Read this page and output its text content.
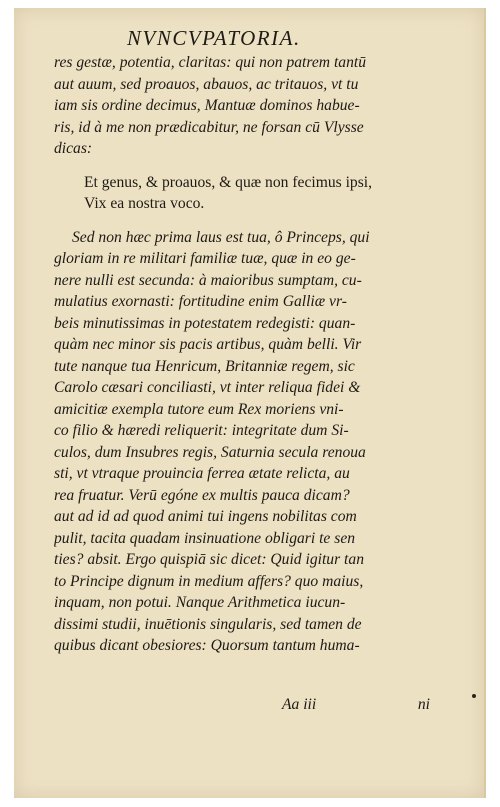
NVNCVPATORIA.
res gestæ, potentia, claritas: qui non patrem tantū
aut auum, sed proauos, abauos, ac tritauos, vt tu
iam sis ordine decimus, Mantuæ dominos habue-
ris, id à me non prædicabitur, ne forsan cū Vlysse
dicas:
Et genus, & proauos, & quæ non fecimus ipsi,
Vix ea nostra voco.
Sed non hæc prima laus est tua, ô Princeps, qui
gloriam in re militari familiæ tuæ, quæ in eo ge-
nere nulli est secunda: à maioribus sumptam, cu-
mulatius exornasti: fortitudine enim Galliæ vr-
beis minutissimas in potestatem redegisti: quan-
quàm nec minor sis pacis artibus, quàm belli. Vir
tute nanque tua Henricum, Britanniæ regem, sic
Carolo cæsari conciliasti, vt inter reliqua fidei &
amicitiæ exempla tutore eum Rex moriens vni-
co filio & hæredi reliquerit: integritate dum Si-
culos, dum Insubres regis, Saturnia secula renoua
sti, vt vtraque prouincia ferrea ætate relicta, au
rea fruatur. Verū egóne ex multis pauca dicam?
aut ad id ad quod animi tui ingens nobilitas com
pulit, tacita quadam insinuatione obligari te sen
ties? absit. Ergo quispiā sic dicet: Quid igitur tan
to Principe dignum in medium affers? quo maius,
inquam, non potui. Nanque Arithmetica iucun-
dissimi studii, inuētionis singularis, sed tamen de
quibus dicant obesiores: Quorsum tantum huma-
Aa iii	ni
